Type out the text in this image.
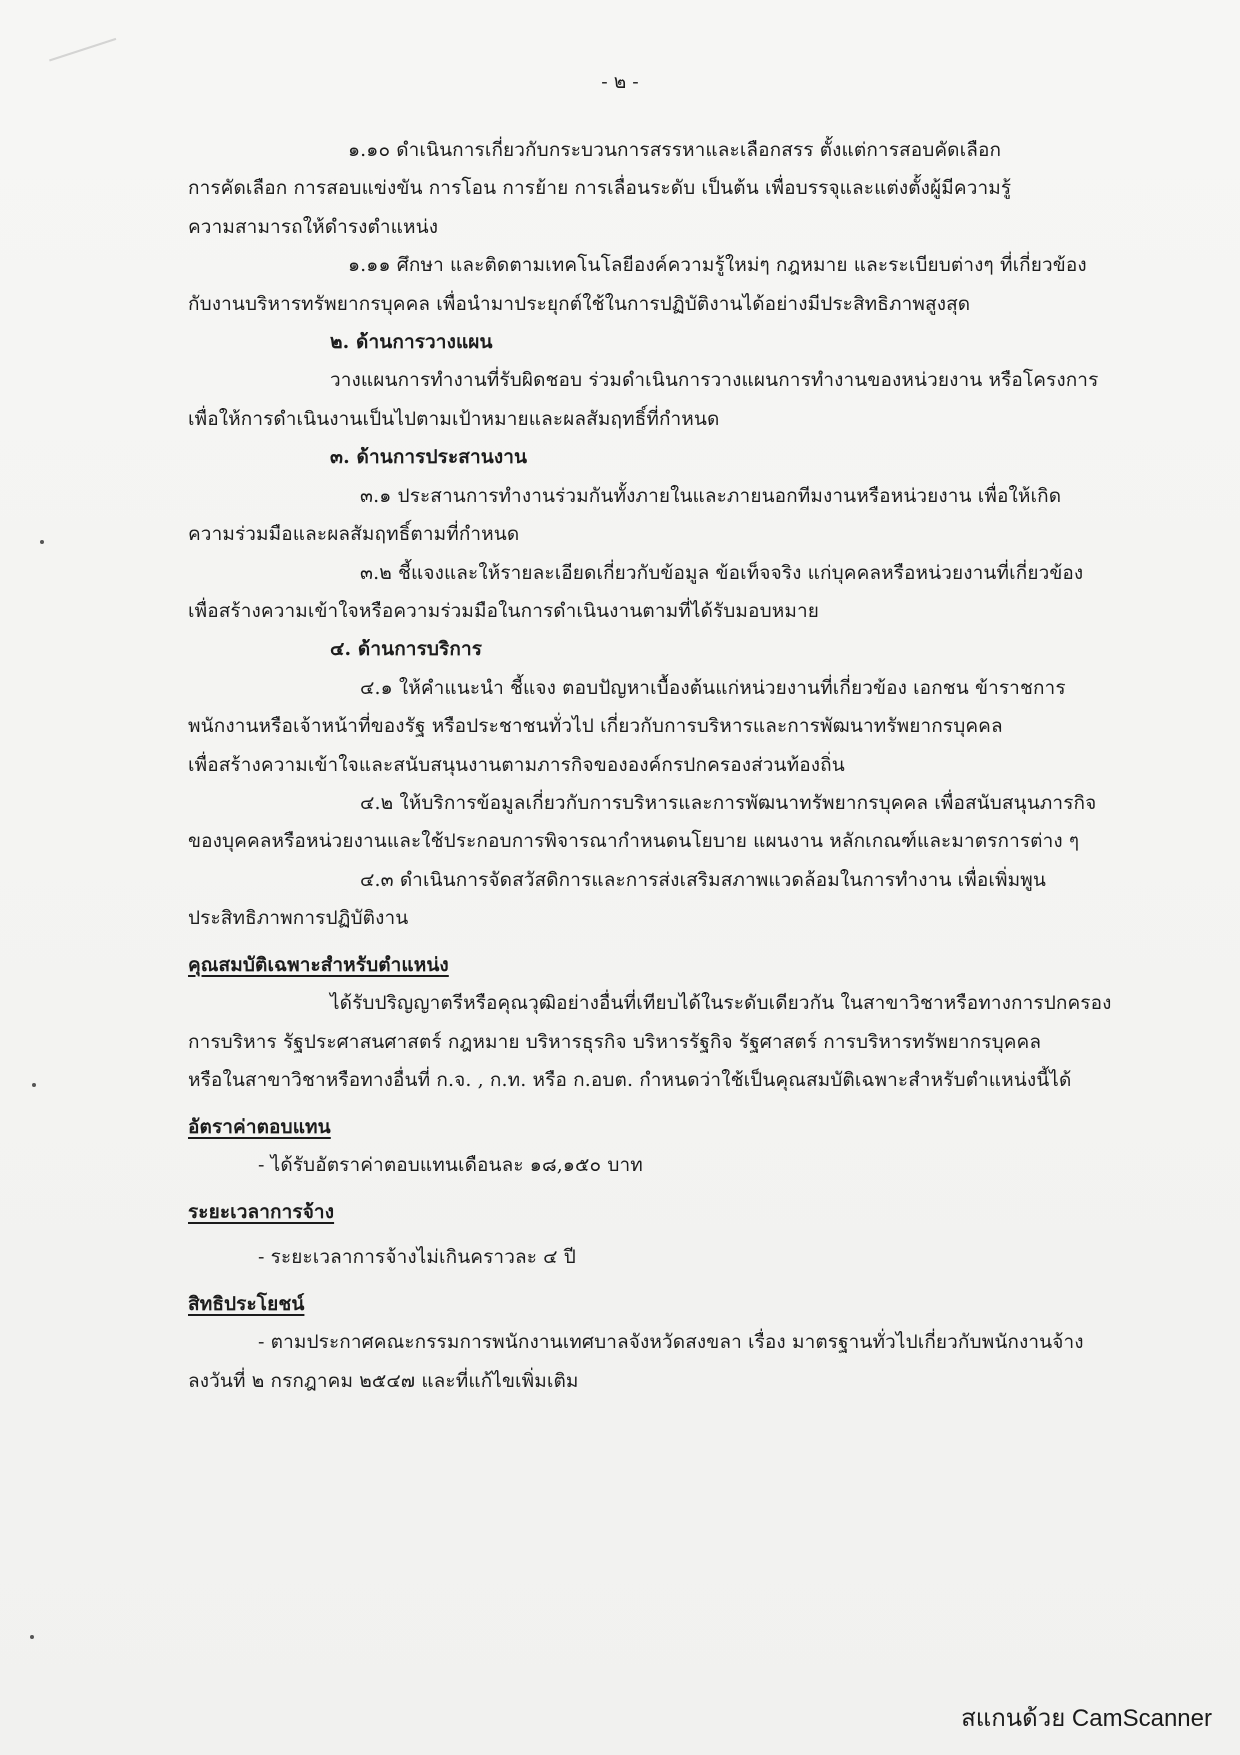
- ๒ -
๑.๑๐ ดำเนินการเกี่ยวกับกระบวนการสรรหาและเลือกสรร ตั้งแต่การสอบคัดเลือก
การคัดเลือก การสอบแข่งขัน การโอน การย้าย การเลื่อนระดับ เป็นต้น เพื่อบรรจุและแต่งตั้งผู้มีความรู้
ความสามารถให้ดำรงตำแหน่ง
๑.๑๑ ศึกษา และติดตามเทคโนโลยีองค์ความรู้ใหม่ๆ กฎหมาย และระเบียบต่างๆ ที่เกี่ยวข้อง
กับงานบริหารทรัพยากรบุคคล เพื่อนำมาประยุกต์ใช้ในการปฏิบัติงานได้อย่างมีประสิทธิภาพสูงสุด
๒. ด้านการวางแผน
วางแผนการทำงานที่รับผิดชอบ ร่วมดำเนินการวางแผนการทำงานของหน่วยงาน หรือโครงการ
เพื่อให้การดำเนินงานเป็นไปตามเป้าหมายและผลสัมฤทธิ์ที่กำหนด
๓. ด้านการประสานงาน
๓.๑ ประสานการทำงานร่วมกันทั้งภายในและภายนอกทีมงานหรือหน่วยงาน เพื่อให้เกิด
ความร่วมมือและผลสัมฤทธิ์ตามที่กำหนด
๓.๒ ชี้แจงและให้รายละเอียดเกี่ยวกับข้อมูล ข้อเท็จจริง แก่บุคคลหรือหน่วยงานที่เกี่ยวข้อง
เพื่อสร้างความเข้าใจหรือความร่วมมือในการดำเนินงานตามที่ได้รับมอบหมาย
๔. ด้านการบริการ
๔.๑ ให้คำแนะนำ ชี้แจง ตอบปัญหาเบื้องต้นแก่หน่วยงานที่เกี่ยวข้อง เอกชน ข้าราชการ
พนักงานหรือเจ้าหน้าที่ของรัฐ หรือประชาชนทั่วไป เกี่ยวกับการบริหารและการพัฒนาทรัพยากรบุคคล
เพื่อสร้างความเข้าใจและสนับสนุนงานตามภารกิจขององค์กรปกครองส่วนท้องถิ่น
๔.๒ ให้บริการข้อมูลเกี่ยวกับการบริหารและการพัฒนาทรัพยากรบุคคล เพื่อสนับสนุนภารกิจ
ของบุคคลหรือหน่วยงานและใช้ประกอบการพิจารณากำหนดนโยบาย แผนงาน หลักเกณฑ์และมาตรการต่าง ๆ
๔.๓ ดำเนินการจัดสวัสดิการและการส่งเสริมสภาพแวดล้อมในการทำงาน เพื่อเพิ่มพูน
ประสิทธิภาพการปฏิบัติงาน
คุณสมบัติเฉพาะสำหรับตำแหน่ง
ได้รับปริญญาตรีหรือคุณวุฒิอย่างอื่นที่เทียบได้ในระดับเดียวกัน ในสาขาวิชาหรือทางการปกครอง
การบริหาร รัฐประศาสนศาสตร์ กฎหมาย บริหารธุรกิจ บริหารรัฐกิจ รัฐศาสตร์ การบริหารทรัพยากรบุคคล
หรือในสาขาวิชาหรือทางอื่นที่ ก.จ. , ก.ท. หรือ ก.อบต. กำหนดว่าใช้เป็นคุณสมบัติเฉพาะสำหรับตำแหน่งนี้ได้
อัตราค่าตอบแทน
- ได้รับอัตราค่าตอบแทนเดือนละ ๑๘,๑๕๐ บาท
ระยะเวลาการจ้าง
- ระยะเวลาการจ้างไม่เกินคราวละ ๔ ปี
สิทธิประโยชน์
- ตามประกาศคณะกรรมการพนักงานเทศบาลจังหวัดสงขลา เรื่อง มาตรฐานทั่วไปเกี่ยวกับพนักงานจ้าง
ลงวันที่ ๒ กรกฎาคม ๒๕๔๗ และที่แก้ไขเพิ่มเติม
สแกนด้วย CamScanner
